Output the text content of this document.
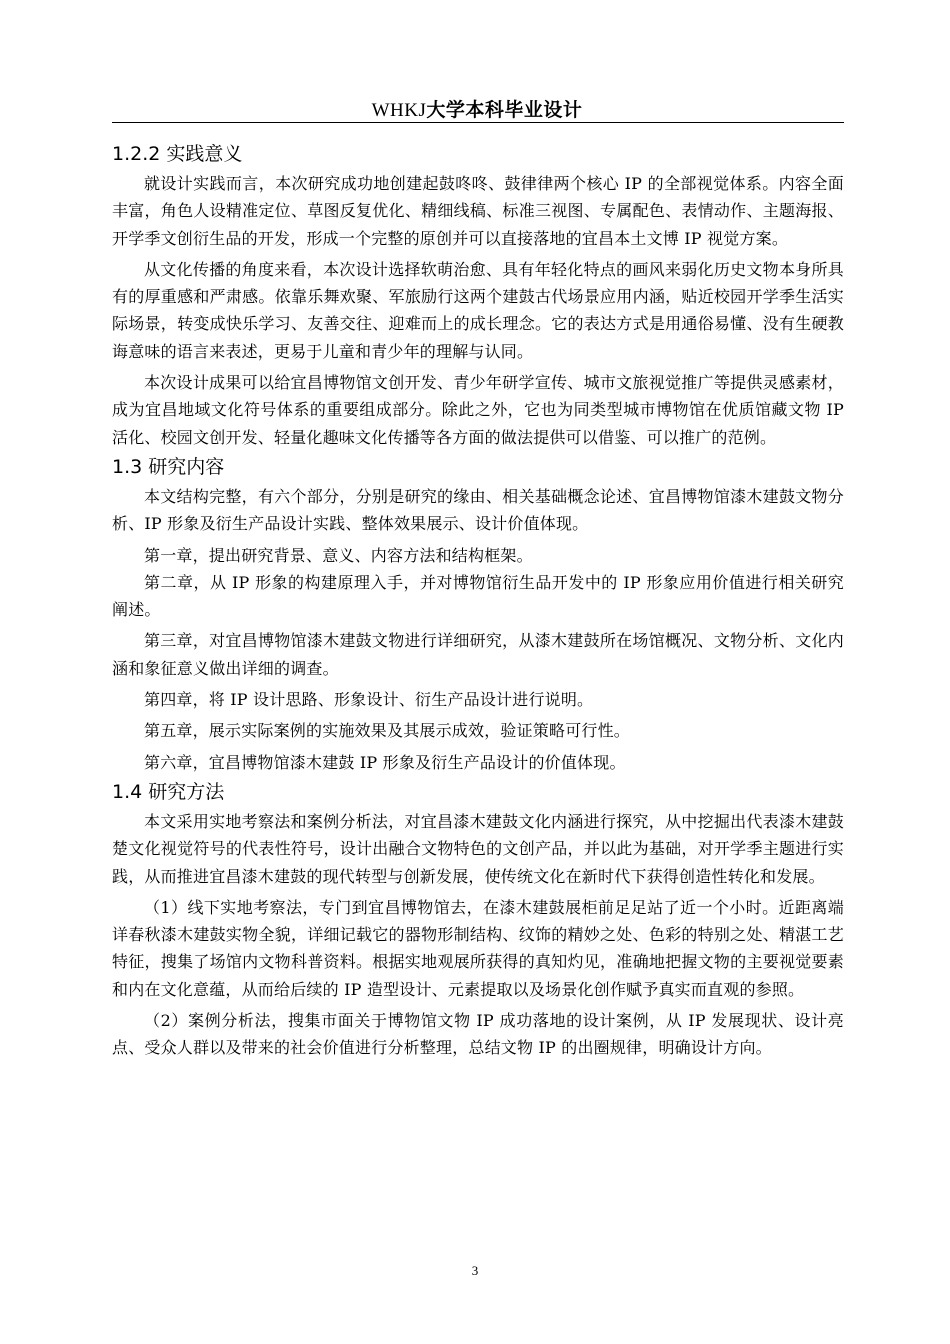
WHKJ大学本科毕业设计
1.2.2 实践意义

就设计实践而言，本次研究成功地创建起鼓咚咚、鼓律律两个核心 IP 的全部视觉体系。内容全面丰富，角色人设精准定位、草图反复优化、精细线稿、标准三视图、专属配色、表情动作、主题海报、开学季文创衍生品的开发，形成一个完整的原创并可以直接落地的宜昌本土文博 IP 视觉方案。

从文化传播的角度来看，本次设计选择软萌治愈、具有年轻化特点的画风来弱化历史文物本身所具有的厚重感和严肃感。依靠乐舞欢聚、军旅励行这两个建鼓古代场景应用内涵，贴近校园开学季生活实际场景，转变成快乐学习、友善交往、迎难而上的成长理念。它的表达方式是用通俗易懂、没有生硬教诲意味的语言来表述，更易于儿童和青少年的理解与认同。

本次设计成果可以给宜昌博物馆文创开发、青少年研学宣传、城市文旅视觉推广等提供灵感素材，成为宜昌地域文化符号体系的重要组成部分。除此之外，它也为同类型城市博物馆在优质馆藏文物 IP 活化、校园文创开发、轻量化趣味文化传播等各方面的做法提供可以借鉴、可以推广的范例。

1.3 研究内容

本文结构完整，有六个部分，分别是研究的缘由、相关基础概念论述、宜昌博物馆漆木建鼓文物分析、IP 形象及衍生产品设计实践、整体效果展示、设计价值体现。

第一章，提出研究背景、意义、内容方法和结构框架。

第二章，从 IP 形象的构建原理入手，并对博物馆衍生品开发中的 IP 形象应用价值进行相关研究阐述。

第三章，对宜昌博物馆漆木建鼓文物进行详细研究，从漆木建鼓所在场馆概况、文物分析、文化内涵和象征意义做出详细的调查。

第四章，将 IP 设计思路、形象设计、衍生产品设计进行说明。

第五章，展示实际案例的实施效果及其展示成效，验证策略可行性。

第六章，宜昌博物馆漆木建鼓 IP 形象及衍生产品设计的价值体现。

1.4 研究方法

本文采用实地考察法和案例分析法，对宜昌漆木建鼓文化内涵进行探究，从中挖掘出代表漆木建鼓楚文化视觉符号的代表性符号，设计出融合文物特色的文创产品，并以此为基础，对开学季主题进行实践，从而推进宜昌漆木建鼓的现代转型与创新发展，使传统文化在新时代下获得创造性转化和发展。

（1）线下实地考察法，专门到宜昌博物馆去，在漆木建鼓展柜前足足站了近一个小时。近距离端详春秋漆木建鼓实物全貌，详细记载它的器物形制结构、纹饰的精妙之处、色彩的特别之处、精湛工艺特征，搜集了场馆内文物科普资料。根据实地观展所获得的真知灼见，准确地把握文物的主要视觉要素和内在文化意蕴，从而给后续的 IP 造型设计、元素提取以及场景化创作赋予真实而直观的参照。

（2）案例分析法，搜集市面关于博物馆文物 IP 成功落地的设计案例，从 IP 发展现状、设计亮点、受众人群以及带来的社会价值进行分析整理，总结文物 IP 的出圈规律，明确设计方向。

3
